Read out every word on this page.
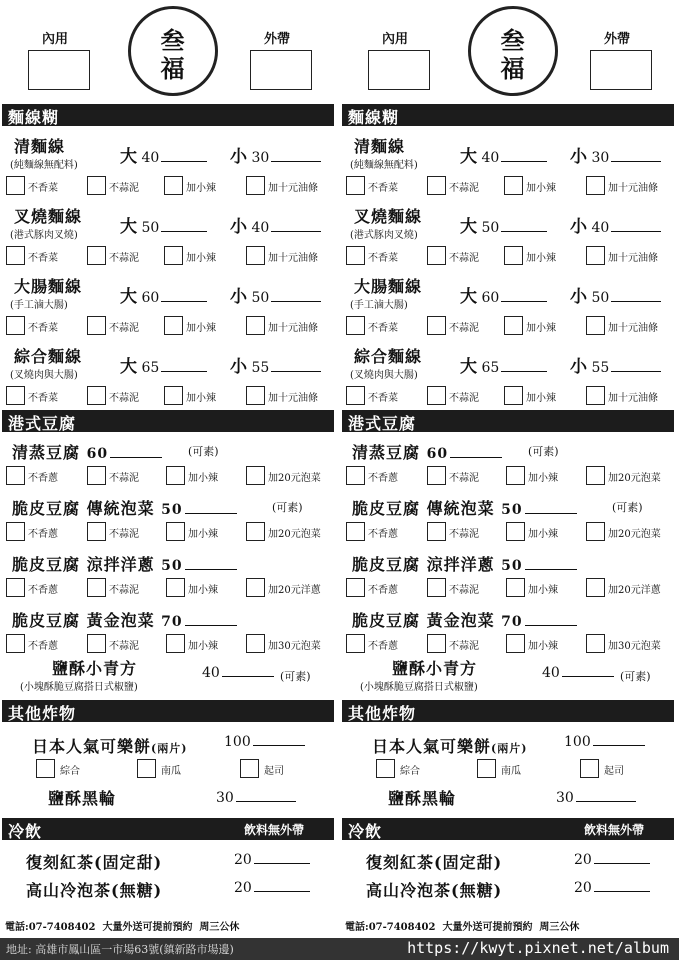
內用	叁
福
外帶
麵線糊
清麵線
(純麵線無配料) 大 40	小 30
不香菜	不蒜泥	加小辣	加十元油條
叉燒麵線
(港式豚肉叉燒) 大 50	小 40
不香菜	不蒜泥	加小辣	加十元油條
大腸麵線
(手工滷大腸)	大 60	小 50
不香菜	不蒜泥	加小辣	加十元油條
綜合麵線
(叉燒肉與大腸) 大 65	小 55
不香菜	不蒜泥	加小辣	加十元油條
港式豆腐
清蒸豆腐 60	(可素)
不香蔥	不蒜泥	加小辣	加20元泡菜
脆皮豆腐 傳統泡菜 50	(可素)
不香蔥	不蒜泥	加小辣	加20元泡菜
脆皮豆腐 涼拌洋蔥 50
不香蔥	不蒜泥	加小辣	加20元洋蔥
脆皮豆腐 黃金泡菜 70
不香蔥	不蒜泥	加小辣	加30元泡菜
鹽酥小青方
(小塊酥脆豆腐搭日式椒鹽)
40	(可素)
其他炸物
日本人氣可樂餅(兩片)	100
綜合	南瓜	起司
鹽酥黑輪	30
冷飲	飲料無外帶
復刻紅茶(固定甜)	20
高山冷泡茶(無糖)	20
電話:07-7408402 大量外送可提前預約 周三公休
內用	叁
福
外帶
麵線糊
清麵線
(純麵線無配料) 大 40	小 30
不香菜	不蒜泥	加小辣	加十元油條
叉燒麵線
(港式豚肉叉燒) 大 50	小 40
不香菜	不蒜泥	加小辣	加十元油條
大腸麵線
(手工滷大腸)	大 60	小 50
不香菜	不蒜泥	加小辣	加十元油條
綜合麵線
(叉燒肉與大腸) 大 65	小 55
不香菜	不蒜泥	加小辣	加十元油條
港式豆腐
清蒸豆腐 60	(可素)
不香蔥	不蒜泥	加小辣	加20元泡菜
脆皮豆腐 傳統泡菜 50	(可素)
不香蔥	不蒜泥	加小辣	加20元泡菜
脆皮豆腐 涼拌洋蔥 50
不香蔥	不蒜泥	加小辣	加20元洋蔥
脆皮豆腐 黃金泡菜 70
不香蔥	不蒜泥	加小辣	加30元泡菜
鹽酥小青方
(小塊酥脆豆腐搭日式椒鹽)
40	(可素)
其他炸物
日本人氣可樂餅(兩片)	100
綜合	南瓜	起司
鹽酥黑輪	30
冷飲	飲料無外帶
復刻紅茶(固定甜)	20
高山冷泡茶(無糖)	20
電話:07-7408402 大量外送可提前預約 周三公休
地址: 高雄市鳳山區一市場63號(鎮新路市場邊)	https://kwyt.pixnet.net/album
